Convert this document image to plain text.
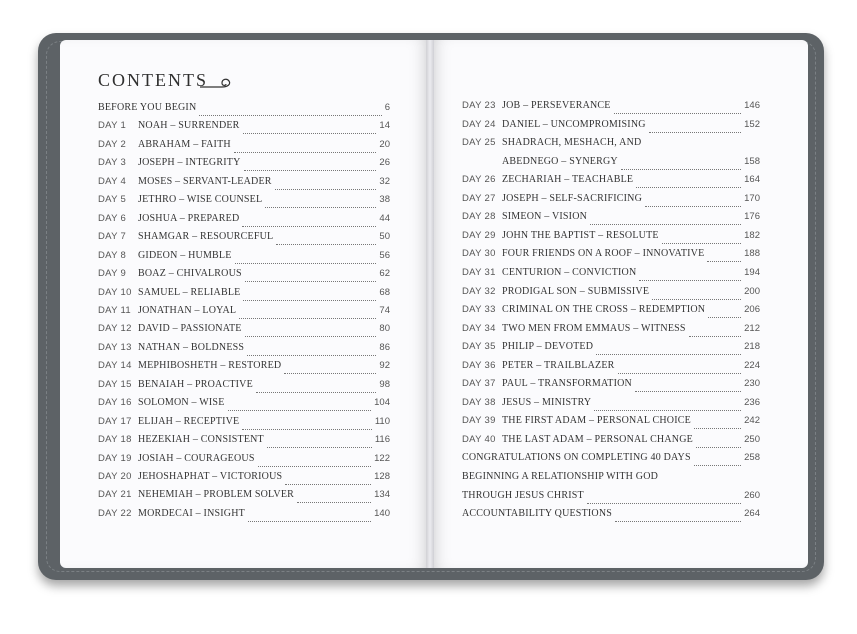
CONTENTS
BEFORE YOU BEGIN	6
DAY 1	NOAH – SURRENDER	14
DAY 2	ABRAHAM – FAITH	20
DAY 3	JOSEPH – INTEGRITY	26
DAY 4	MOSES – SERVANT-LEADER	32
DAY 5	JETHRO – WISE COUNSEL	38
DAY 6	JOSHUA – PREPARED	44
DAY 7	SHAMGAR – RESOURCEFUL	50
DAY 8	GIDEON – HUMBLE	56
DAY 9	BOAZ – CHIVALROUS	62
DAY 10 SAMUEL – RELIABLE	68
DAY 11 JONATHAN – LOYAL	74
DAY 12 DAVID – PASSIONATE	80
DAY 13 NATHAN – BOLDNESS	86
DAY 14 MEPHIBOSHETH – RESTORED	92
DAY 15 BENAIAH – PROACTIVE	98
DAY 16 SOLOMON – WISE	104
DAY 17 ELIJAH – RECEPTIVE	110
DAY 18 HEZEKIAH – CONSISTENT	116
DAY 19 JOSIAH – COURAGEOUS	122
DAY 20 JEHOSHAPHAT – VICTORIOUS	128
DAY 21 NEHEMIAH – PROBLEM SOLVER	134
DAY 22 MORDECAI – INSIGHT	140
DAY 23 JOB – PERSEVERANCE	146
DAY 24 DANIEL – UNCOMPROMISING	152
DAY 25 SHADRACH, MESHACH, AND
ABEDNEGO – SYNERGY	158
DAY 26 ZECHARIAH – TEACHABLE	164
DAY 27 JOSEPH – SELF-SACRIFICING	170
DAY 28 SIMEON – VISION	176
DAY 29 JOHN THE BAPTIST – RESOLUTE	182
DAY 30 FOUR FRIENDS ON A ROOF – INNOVATIVE	188
DAY 31 CENTURION – CONVICTION	194
DAY 32 PRODIGAL SON – SUBMISSIVE	200
DAY 33 CRIMINAL ON THE CROSS – REDEMPTION	206
DAY 34 TWO MEN FROM EMMAUS – WITNESS	212
DAY 35 PHILIP – DEVOTED	218
DAY 36 PETER – TRAILBLAZER	224
DAY 37 PAUL – TRANSFORMATION	230
DAY 38 JESUS – MINISTRY	236
DAY 39 THE FIRST ADAM – PERSONAL CHOICE	242
DAY 40 THE LAST ADAM – PERSONAL CHANGE	250
CONGRATULATIONS ON COMPLETING 40 DAYS	258
BEGINNING A RELATIONSHIP WITH GOD
THROUGH JESUS CHRIST	260
ACCOUNTABILITY QUESTIONS	264
